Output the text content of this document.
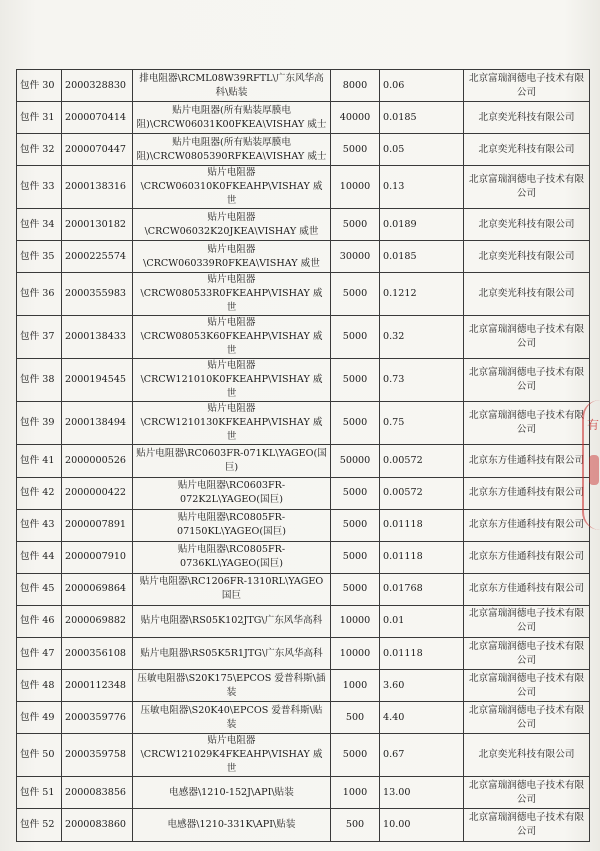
包件 30	2000328830	排电阻器\RCML08W39RFTL\广东风华高科\贴装	8000	0.06	北京富瑞润德电子技术有限公司
包件 31	2000070414	贴片电阻器(所有贴装厚膜电阻)\CRCW06031K00FKEA\VISHAY 威士	40000	0.0185	北京奕光科技有限公司
包件 32	2000070447	贴片电阻器(所有贴装厚膜电阻)\CRCW0805390RFKEA\VISHAY 威士	5000	0.05	北京奕光科技有限公司
包件 33	2000138316	贴片电阻器\CRCW060310K0FKEAHP\VISHAY 威世	10000	0.13	北京富瑞润德电子技术有限公司
包件 34	2000130182	贴片电阻器\CRCW06032K20JKEA\VISHAY 威世	5000	0.0189	北京奕光科技有限公司
包件 35	2000225574	贴片电阻器\CRCW060339R0FKEA\VISHAY 威世	30000	0.0185	北京奕光科技有限公司
包件 36	2000355983	贴片电阻器\CRCW080533R0FKEAHP\VISHAY 威世	5000	0.1212	北京奕光科技有限公司
包件 37	2000138433	贴片电阻器\CRCW08053K60FKEAHP\VISHAY 威世	5000	0.32	北京富瑞润德电子技术有限公司
包件 38	2000194545	贴片电阻器\CRCW121010K0FKEAHP\VISHAY 威世	5000	0.73	北京富瑞润德电子技术有限公司
包件 39	2000138494	贴片电阻器\CRCW1210130KFKEAHP\VISHAY 威世	5000	0.75	北京富瑞润德电子技术有限公司
包件 41	2000000526	贴片电阻器\RC0603FR-071KL\YAGEO(国巨)	50000	0.00572	北京东方佳通科技有限公司
包件 42	2000000422	贴片电阻器\RC0603FR-072K2L\YAGEO(国巨)	5000	0.00572	北京东方佳通科技有限公司
包件 43	2000007891	贴片电阻器\RC0805FR-07150KL\YAGEO(国巨)	5000	0.01118	北京东方佳通科技有限公司
包件 44	2000007910	贴片电阻器\RC0805FR-0736KL\YAGEO(国巨)	5000	0.01118	北京东方佳通科技有限公司
包件 45	2000069864	贴片电阻器\RC1206FR-1310RL\YAGEO 国巨	5000	0.01768	北京东方佳通科技有限公司
包件 46	2000069882	贴片电阻器\RS05K102JTG\广东风华高科	10000	0.01	北京富瑞润德电子技术有限公司
包件 47	2000356108	贴片电阻器\RS05K5R1JTG\广东风华高科	10000	0.01118	北京富瑞润德电子技术有限公司
包件 48	2000112348	压敏电阻器\S20K175\EPCOS 爱普科斯\插装	1000	3.60	北京富瑞润德电子技术有限公司
包件 49	2000359776	压敏电阻器\S20K40\EPCOS 爱普科斯\贴装	500	4.40	北京富瑞润德电子技术有限公司
包件 50	2000359758	贴片电阻器\CRCW121029K4FKEAHP\VISHAY 威世	5000	0.67	北京奕光科技有限公司
包件 51	2000083856	电感器\1210-152J\API\贴装	1000	13.00	北京富瑞润德电子技术有限公司
包件 52	2000083860	电感器\1210-331K\API\贴装	500	10.00	北京富瑞润德电子技术有限公司
有
